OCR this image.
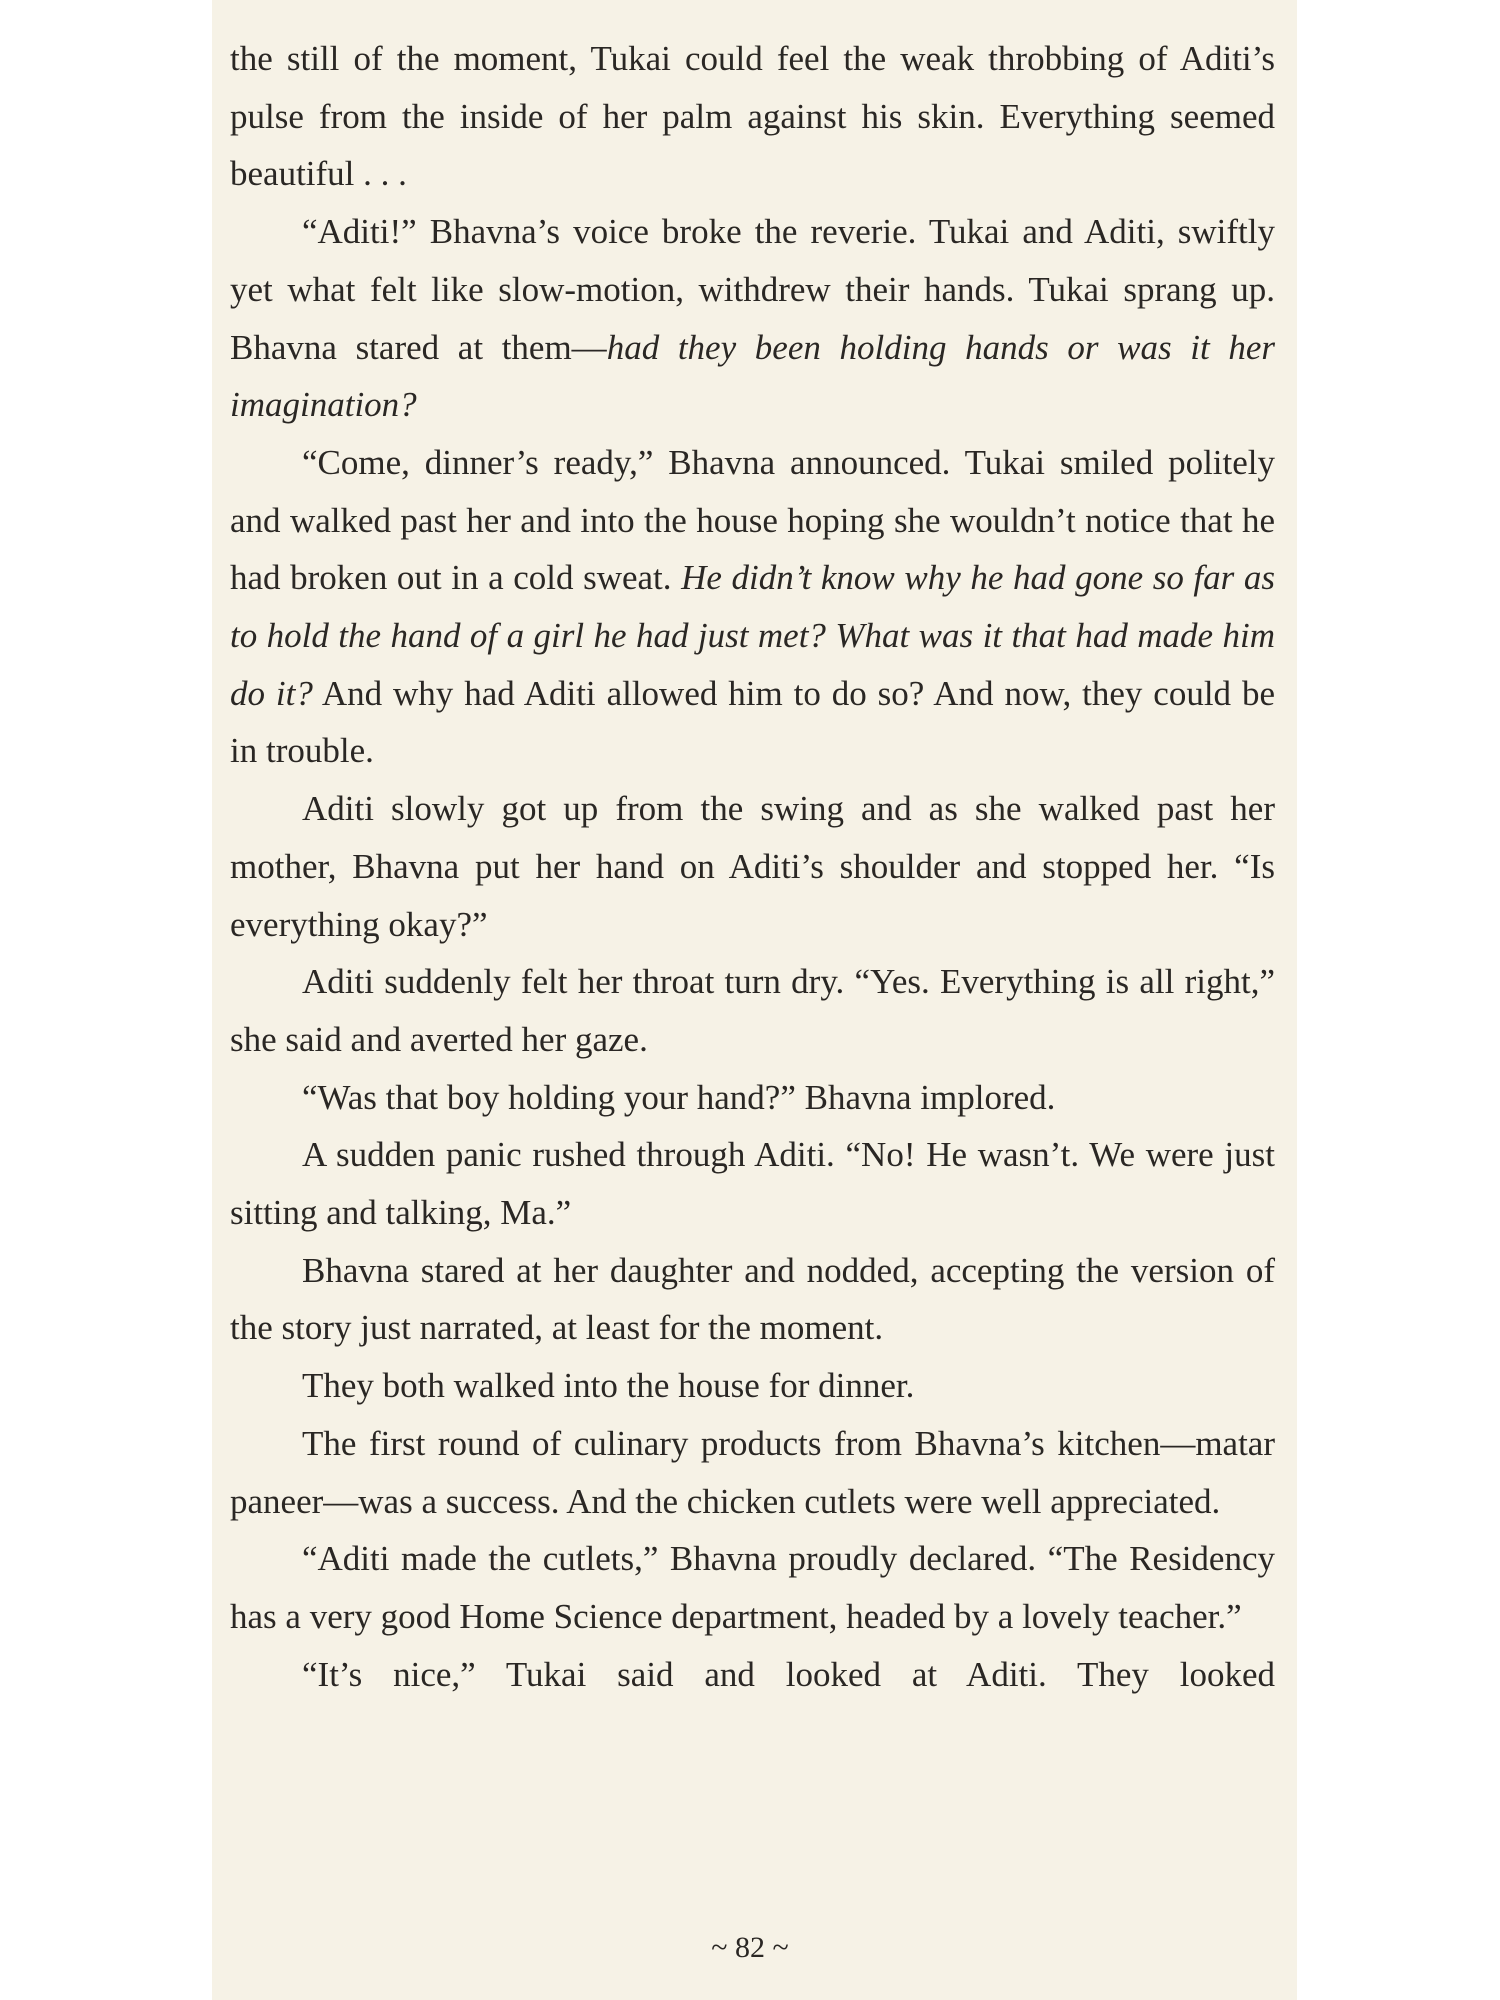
the still of the moment, Tukai could feel the weak throbbing of Aditi’s pulse from the inside of her palm against his skin. Everything seemed beautiful . . .

“Aditi!” Bhavna’s voice broke the reverie. Tukai and Aditi, swiftly yet what felt like slow-motion, withdrew their hands. Tukai sprang up. Bhavna stared at them—had they been holding hands or was it her imagination?

“Come, dinner’s ready,” Bhavna announced. Tukai smiled politely and walked past her and into the house hoping she wouldn’t notice that he had broken out in a cold sweat. He didn’t know why he had gone so far as to hold the hand of a girl he had just met? What was it that had made him do it? And why had Aditi allowed him to do so? And now, they could be in trouble.

Aditi slowly got up from the swing and as she walked past her mother, Bhavna put her hand on Aditi’s shoulder and stopped her. “Is everything okay?”

Aditi suddenly felt her throat turn dry. “Yes. Everything is all right,” she said and averted her gaze.

“Was that boy holding your hand?” Bhavna implored.

A sudden panic rushed through Aditi. “No! He wasn’t. We were just sitting and talking, Ma.”

Bhavna stared at her daughter and nodded, accepting the version of the story just narrated, at least for the moment.

They both walked into the house for dinner.

The first round of culinary products from Bhavna’s kitchen—matar paneer—was a success. And the chicken cutlets were well appreciated.

“Aditi made the cutlets,” Bhavna proudly declared. “The Residency has a very good Home Science department, headed by a lovely teacher.”

“It’s nice,” Tukai said and looked at Aditi. They looked

~ 82 ~
